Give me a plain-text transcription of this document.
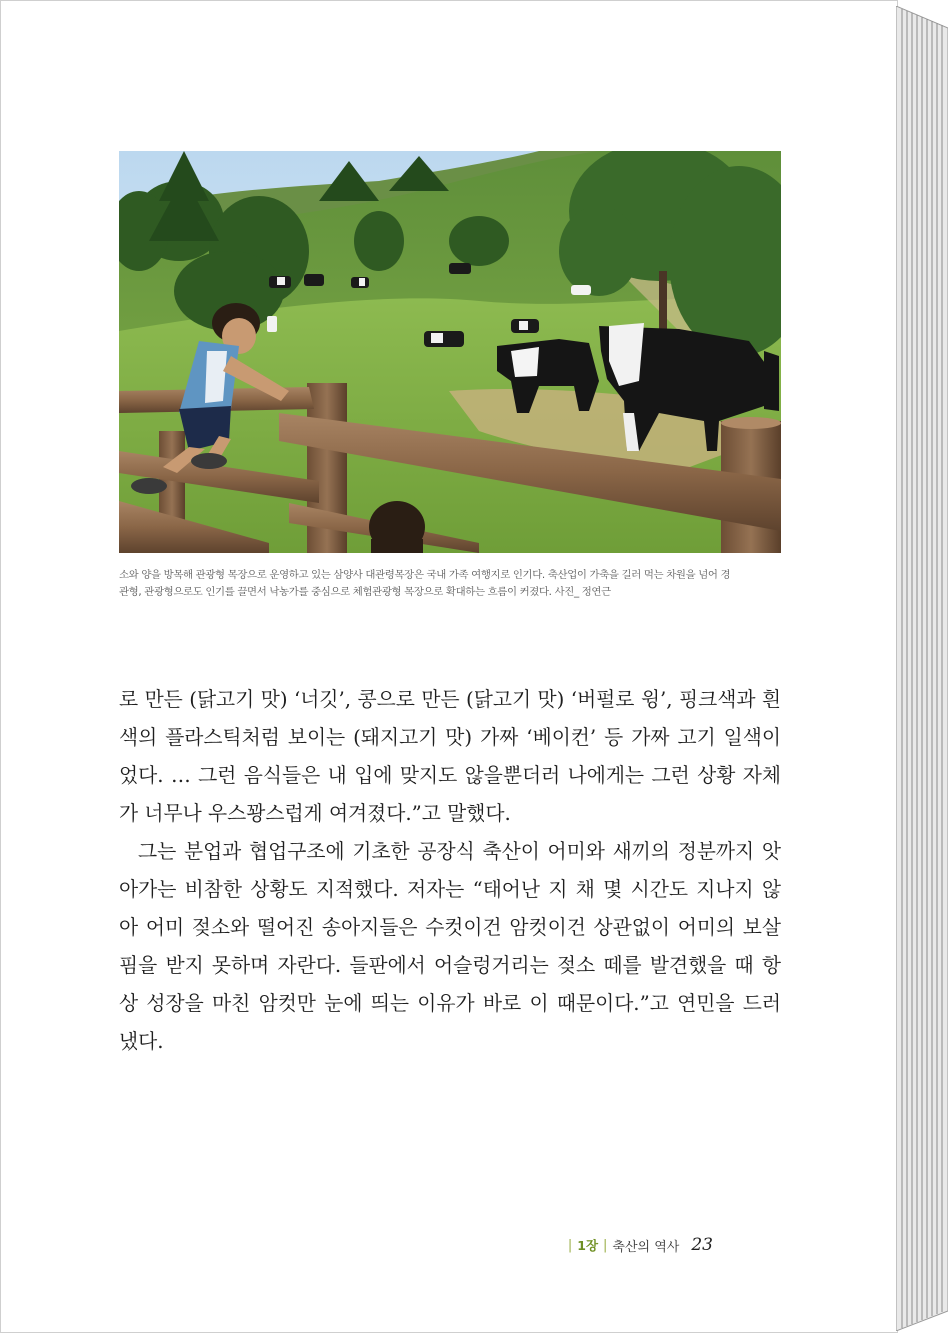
소와 양을 방목해 관광형 목장으로 운영하고 있는 삼양사 대관령목장은 국내 가족 여행지로 인기다. 축산업이 가축을 길러 먹는 차원을 넘어 경
관형, 관광형으로도 인기를 끌면서 낙농가를 중심으로 체험관광형 목장으로 확대하는 흐름이 커졌다. 사진_ 정연근
로 만든 (닭고기 맛) ‘너깃’, 콩으로 만든 (닭고기 맛) ‘버펄로 윙’, 핑크색과 흰
색의 플라스틱처럼 보이는 (돼지고기 맛) 가짜 ‘베이컨’ 등 가짜 고기 일색이
었다. … 그런 음식들은 내 입에 맞지도 않을뿐더러 나에게는 그런 상황 자체
가 너무나 우스꽝스럽게 여겨졌다.”고 말했다.
그는 분업과 협업구조에 기초한 공장식 축산이 어미와 새끼의 정분까지 앗
아가는 비참한 상황도 지적했다. 저자는 “태어난 지 채 몇 시간도 지나지 않
아 어미 젖소와 떨어진 송아지들은 수컷이건 암컷이건 상관없이 어미의 보살
핌을 받지 못하며 자란다. 들판에서 어슬렁거리는 젖소 떼를 발견했을 때 항
상 성장을 마친 암컷만 눈에 띄는 이유가 바로 이 때문이다.”고 연민을 드러
냈다.
| 1장 | 축산의 역사 23
